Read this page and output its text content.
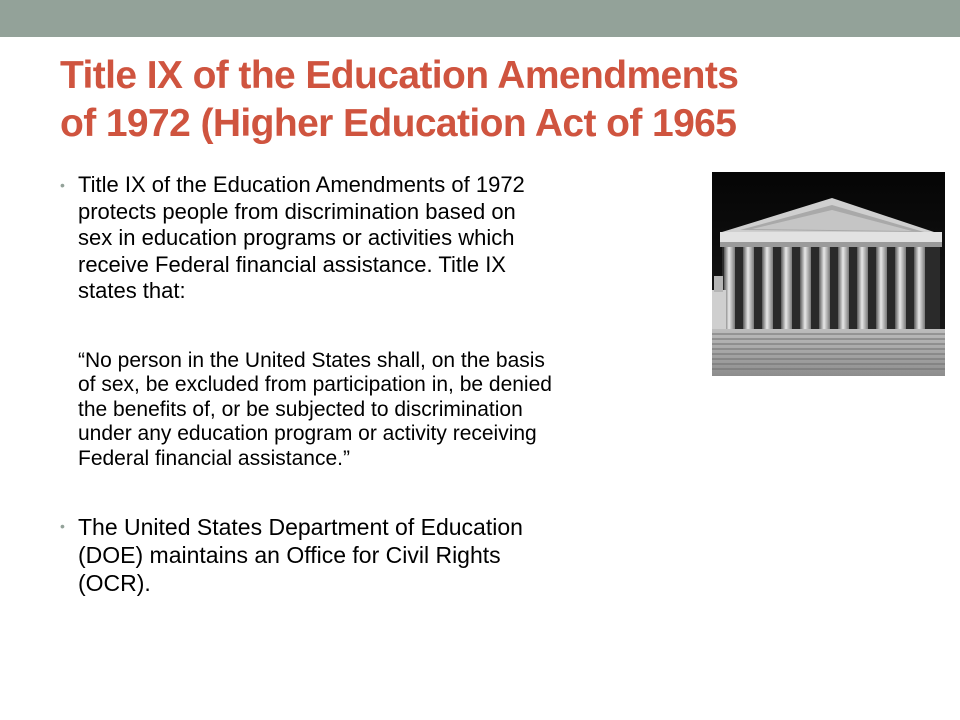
Title IX of the Education Amendments
of 1972 (Higher Education Act of 1965
• Title IX of the Education Amendments of 1972
protects people from discrimination based on
sex in education programs or activities which
receive Federal financial assistance. Title IX
states that:
“No person in the United States shall, on the basis
of sex, be excluded from participation in, be denied
the benefits of, or be subjected to discrimination
under any education program or activity receiving
Federal financial assistance.”
• The United States Department of Education
(DOE) maintains an Office for Civil Rights
(OCR).
